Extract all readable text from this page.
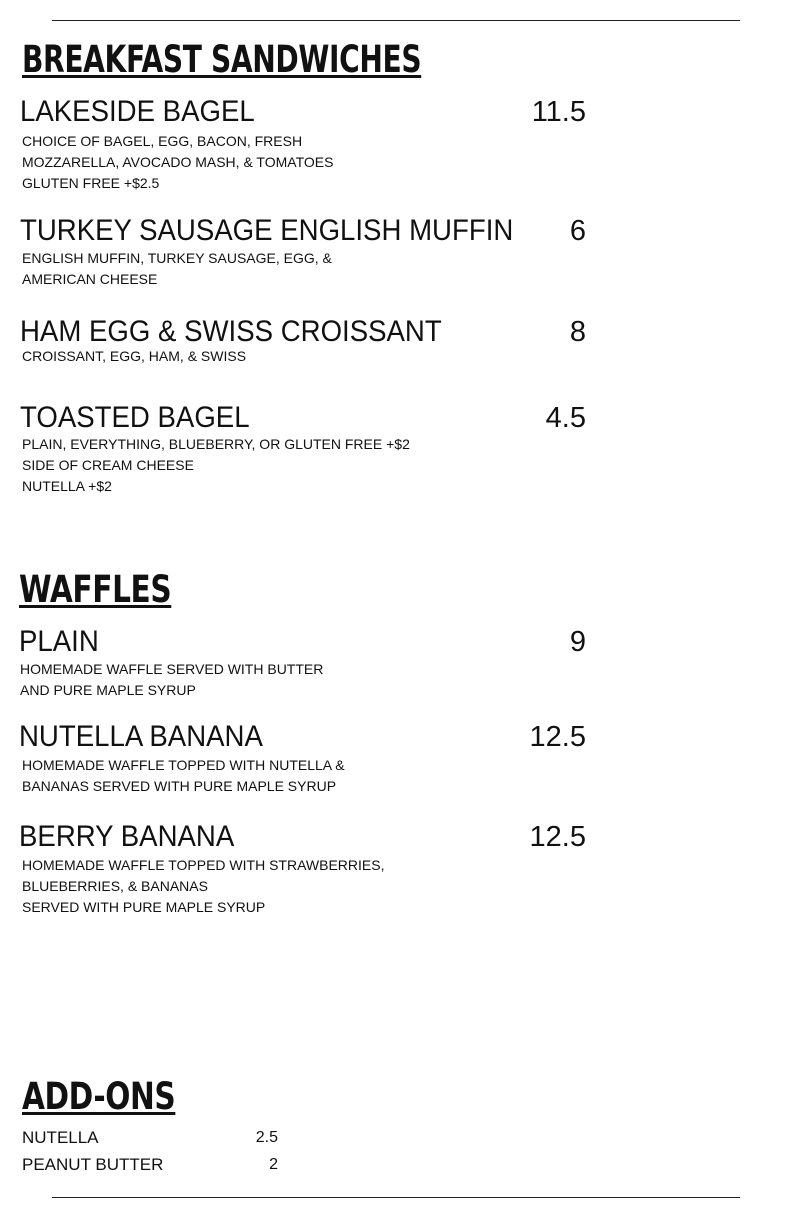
BREAKFAST SANDWICHES
LAKESIDE BAGEL	11.5
CHOICE OF BAGEL, EGG, BACON, FRESH
MOZZARELLA, AVOCADO MASH, & TOMATOES
GLUTEN FREE +$2.5
TURKEY SAUSAGE ENGLISH MUFFIN	6
ENGLISH MUFFIN, TURKEY SAUSAGE, EGG, &
AMERICAN CHEESE
HAM EGG & SWISS CROISSANT	8
CROISSANT, EGG, HAM, & SWISS
TOASTED BAGEL	4.5
PLAIN, EVERYTHING, BLUEBERRY, OR GLUTEN FREE +$2
SIDE OF CREAM CHEESE
NUTELLA +$2
WAFFLES
PLAIN	9
HOMEMADE WAFFLE SERVED WITH BUTTER
AND PURE MAPLE SYRUP
NUTELLA BANANA	12.5
HOMEMADE WAFFLE TOPPED WITH NUTELLA &
BANANAS SERVED WITH PURE MAPLE SYRUP
BERRY BANANA	12.5
HOMEMADE WAFFLE TOPPED WITH STRAWBERRIES,
BLUEBERRIES, & BANANAS
SERVED WITH PURE MAPLE SYRUP
ADD-ONS
NUTELLA	2.5
PEANUT BUTTER	2
